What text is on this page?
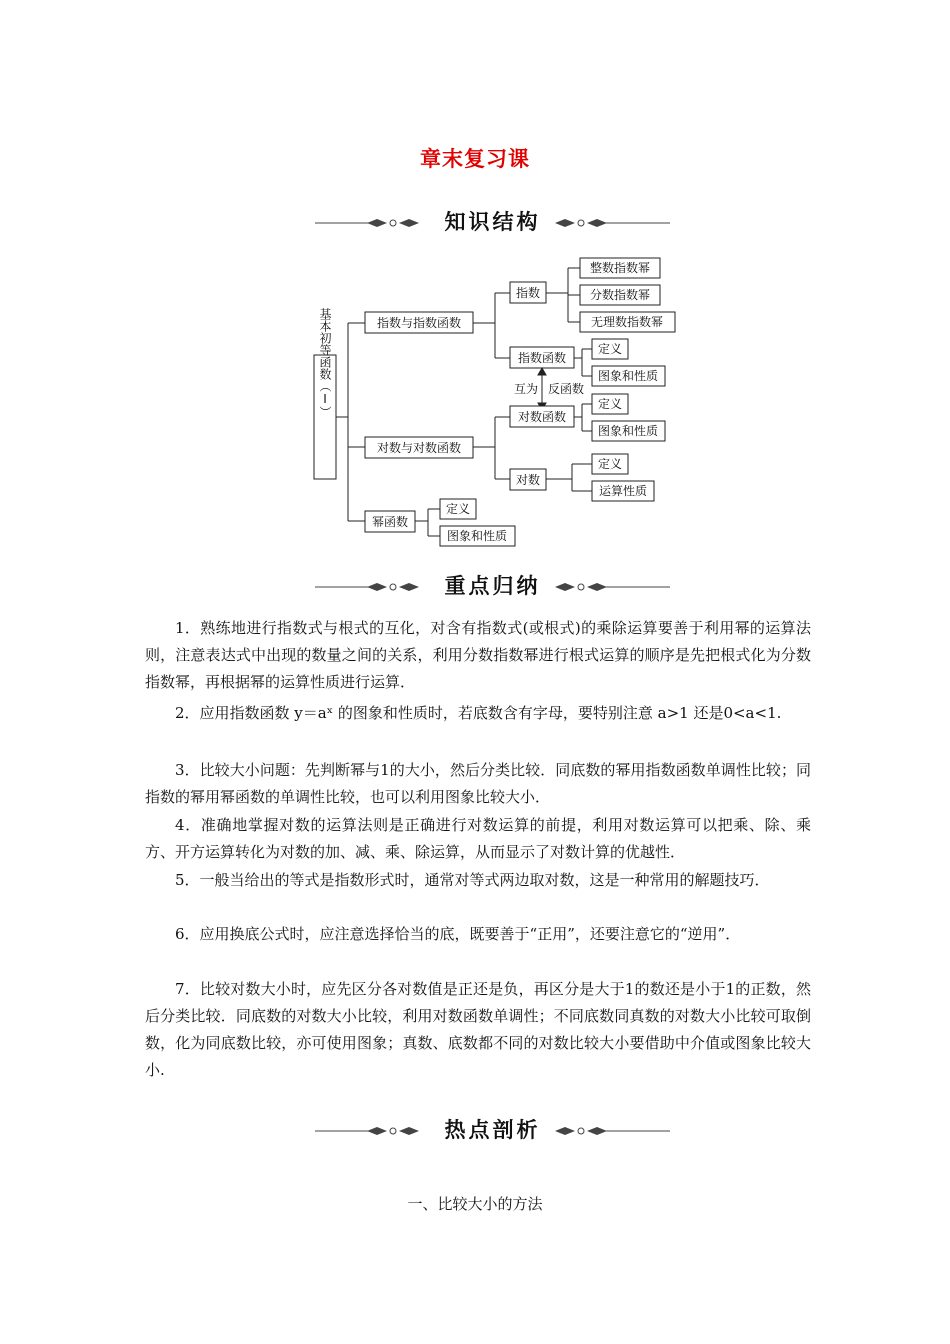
章末复习课
知识结构
基本初等函数（Ⅰ）	指数与指数函数
对数与对数函数
幂函数
指数
指数函数
整数指数幂
分数指数幂
无理数指数幂
定义
图象和性质
互为 反函数
对数函数
对数
定义
图象和性质
定义
运算性质
定义
图象和性质
重点归纳

1．熟练地进行指数式与根式的互化，对含有指数式(或根式)的乘除运算要善于利用幂的运算法则，注意表达式中出现的数量之间的关系，利用分数指数幂进行根式运算的顺序是先把根式化为分数指数幂，再根据幂的运算性质进行运算．

2．应用指数函数 y＝aˣ 的图象和性质时，若底数含有字母，要特别注意 a>1 还是0<a<1.

3．比较大小问题：先判断幂与1的大小，然后分类比较．同底数的幂用指数函数单调性比较；同指数的幂用幂函数的单调性比较，也可以利用图象比较大小．

4．准确地掌握对数的运算法则是正确进行对数运算的前提，利用对数运算可以把乘、除、乘方、开方运算转化为对数的加、减、乘、除运算，从而显示了对数计算的优越性．

5．一般当给出的等式是指数形式时，通常对等式两边取对数，这是一种常用的解题技巧．

6．应用换底公式时，应注意选择恰当的底，既要善于“正用”，还要注意它的“逆用”．

7．比较对数大小时，应先区分各对数值是正还是负，再区分是大于1的数还是小于1的正数，然后分类比较．同底数的对数大小比较，利用对数函数单调性；不同底数同真数的对数大小比较可取倒数，化为同底数比较，亦可使用图象；真数、底数都不同的对数比较大小要借助中介值或图象比较大小.

热点剖析
一、比较大小的方法
